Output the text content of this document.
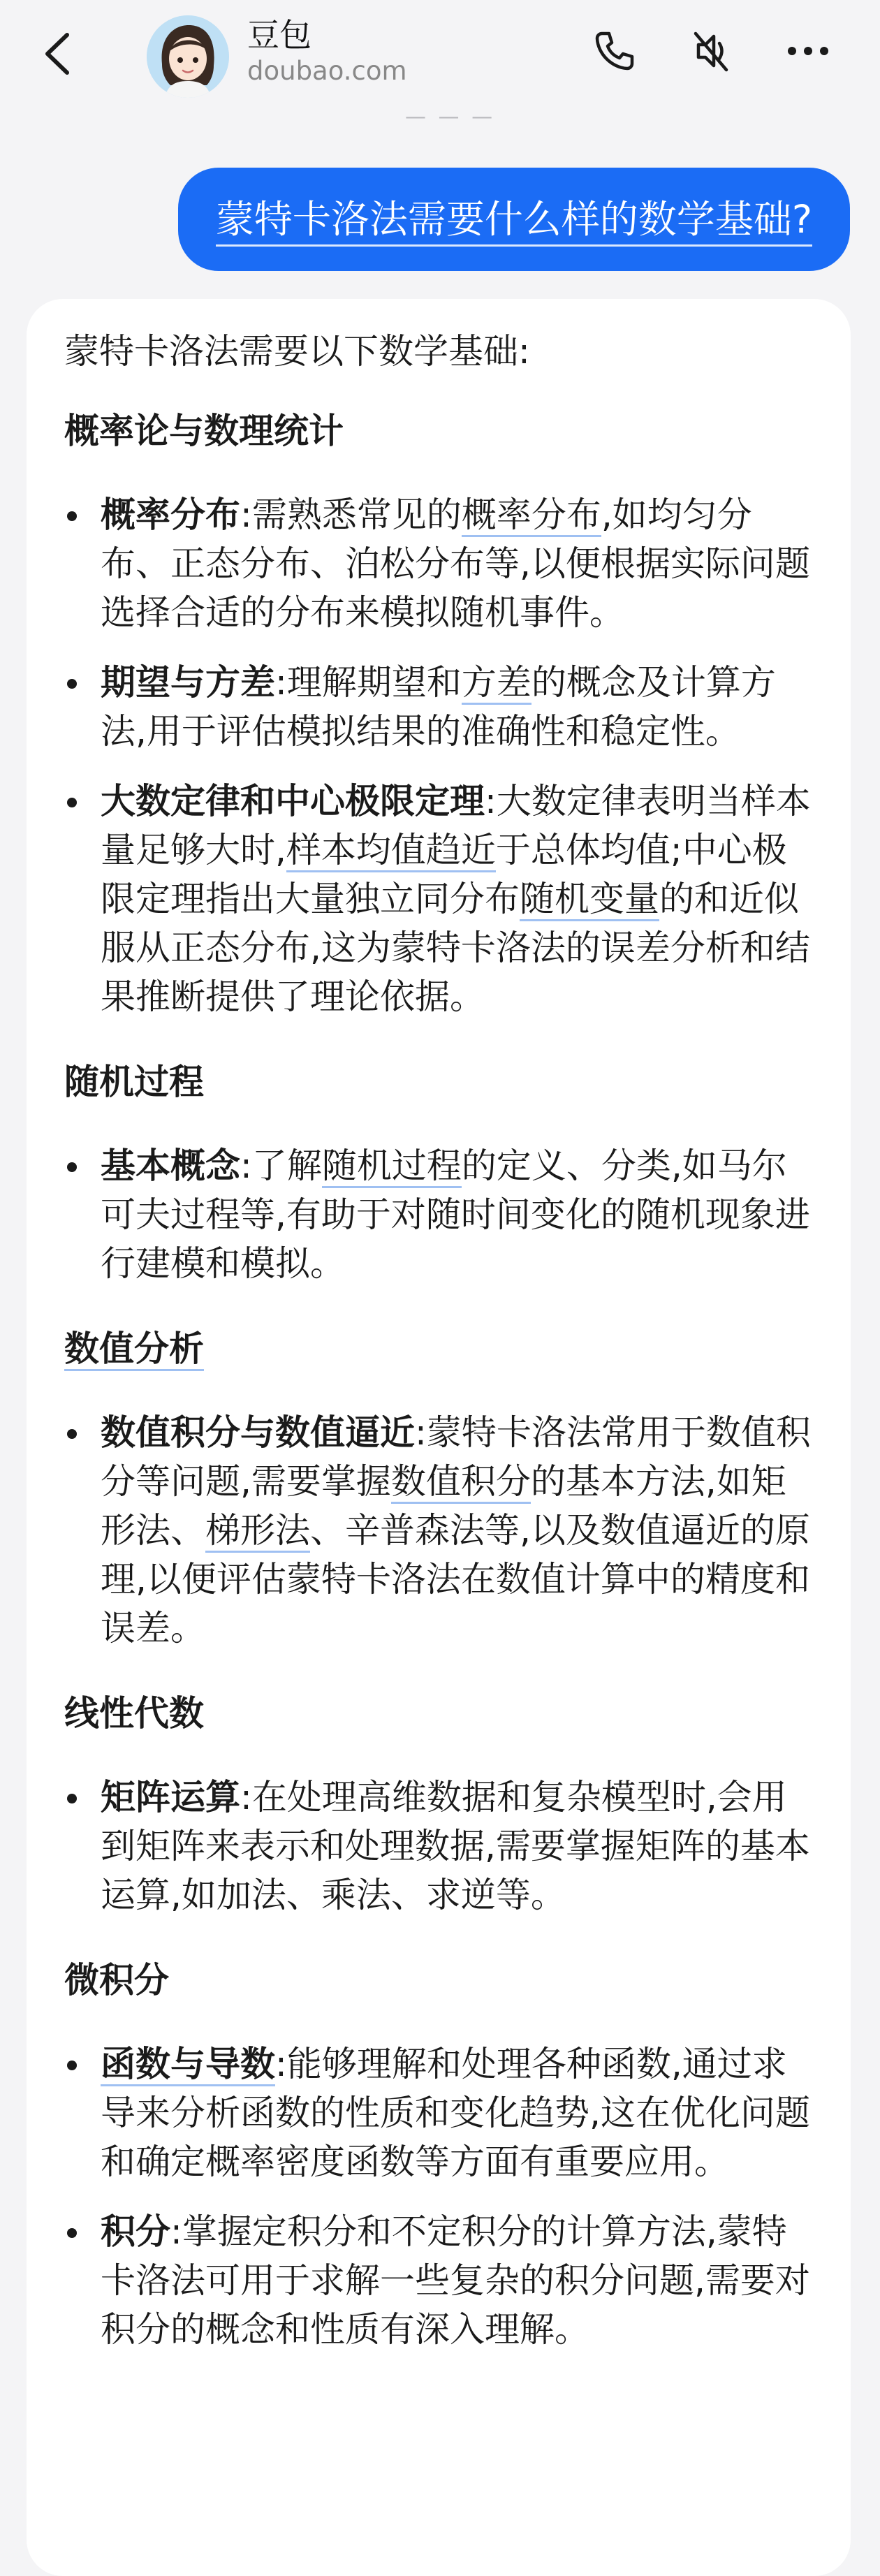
豆包
doubao.com
— — —
蒙特卡洛法需要什么样的数学基础?

蒙特卡洛法需要以下数学基础:

概率论与数理统计

概率分布:需熟悉常见的概率分布,如均匀分布、正态分布、泊松分布等,以便根据实际问题选择合适的分布来模拟随机事件。
期望与方差:理解期望和方差的概念及计算方法,用于评估模拟结果的准确性和稳定性。
大数定律和中心极限定理:大数定律表明当样本量足够大时,样本均值趋近于总体均值;中心极限定理指出大量独立同分布随机变量的和近似服从正态分布,这为蒙特卡洛法的误差分析和结果推断提供了理论依据。

随机过程

基本概念:了解随机过程的定义、分类,如马尔可夫过程等,有助于对随时间变化的随机现象进行建模和模拟。

数值分析

数值积分与数值逼近:蒙特卡洛法常用于数值积分等问题,需要掌握数值积分的基本方法,如矩形法、梯形法、辛普森法等,以及数值逼近的原理,以便评估蒙特卡洛法在数值计算中的精度和误差。

线性代数

矩阵运算:在处理高维数据和复杂模型时,会用到矩阵来表示和处理数据,需要掌握矩阵的基本运算,如加法、乘法、求逆等。

微积分

函数与导数:能够理解和处理各种函数,通过求导来分析函数的性质和变化趋势,这在优化问题和确定概率密度函数等方面有重要应用。
积分:掌握定积分和不定积分的计算方法,蒙特卡洛法可用于求解一些复杂的积分问题,需要对积分的概念和性质有深入理解。
